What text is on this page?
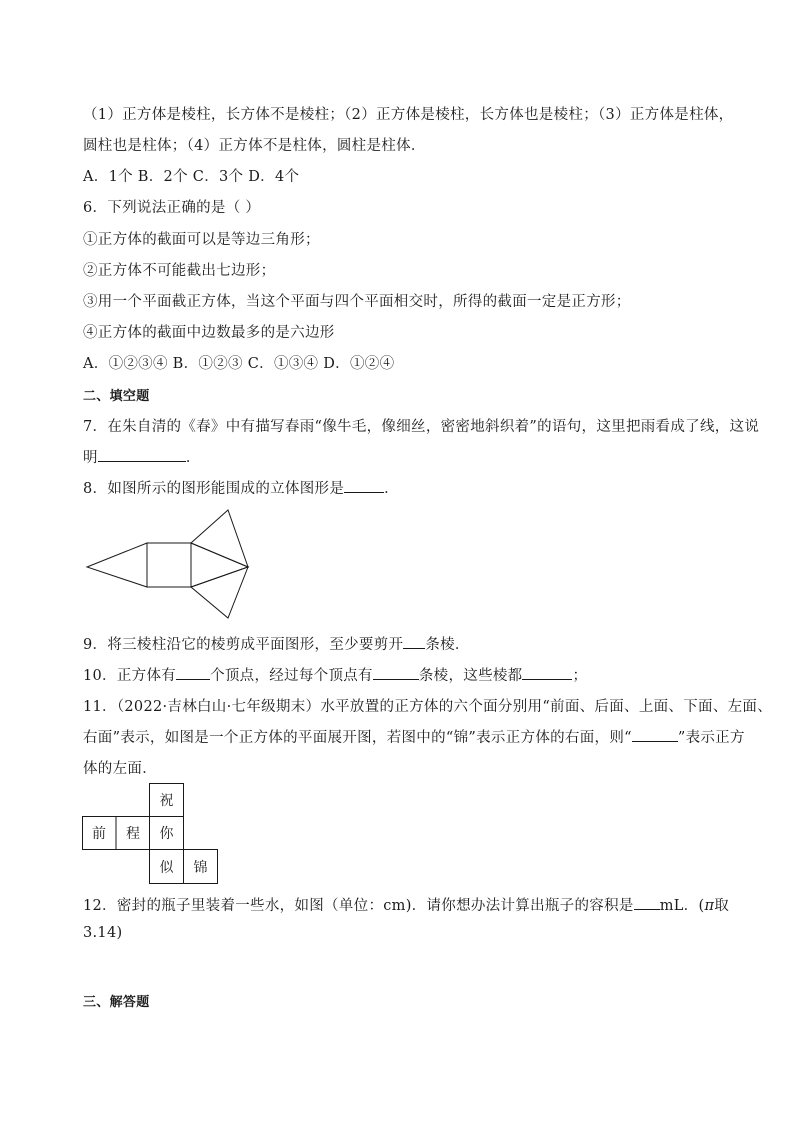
（1）正方体是棱柱，长方体不是棱柱；（2）正方体是棱柱，长方体也是棱柱；（3）正方体是柱体，
圆柱也是柱体；（4）正方体不是柱体，圆柱是柱体．
A．1个 B．2个 C．3个 D．4个
6．下列说法正确的是（ ）
①正方体的截面可以是等边三角形；
②正方体不可能截出七边形；
③用一个平面截正方体，当这个平面与四个平面相交时，所得的截面一定是正方形；
④正方体的截面中边数最多的是六边形
A．①②③④ B．①②③ C．①③④ D．①②④
二、填空题
7．在朱自清的《春》中有描写春雨“像牛毛，像细丝，密密地斜织着”的语句，这里把雨看成了线，这说
明	．
8．如图所示的图形能围成的立体图形是	．
9．将三棱柱沿它的棱剪成平面图形，至少要剪开 条棱．
10．正方体有 个顶点，经过每个顶点有	条棱，这些棱都	；
11．（2022·吉林白山·七年级期末）水平放置的正方体的六个面分别用“前面、后面、上面、下面、左面、
右面”表示，如图是一个正方体的平面展开图，若图中的“锦”表示正方体的右面，则“	”表示正方
体的左面．
祝
前 程 你
似 锦
12．密封的瓶子里装着一些水，如图（单位：cm)．请你想办法计算出瓶子的容积是 mL．(π取
3.14)
三、解答题
